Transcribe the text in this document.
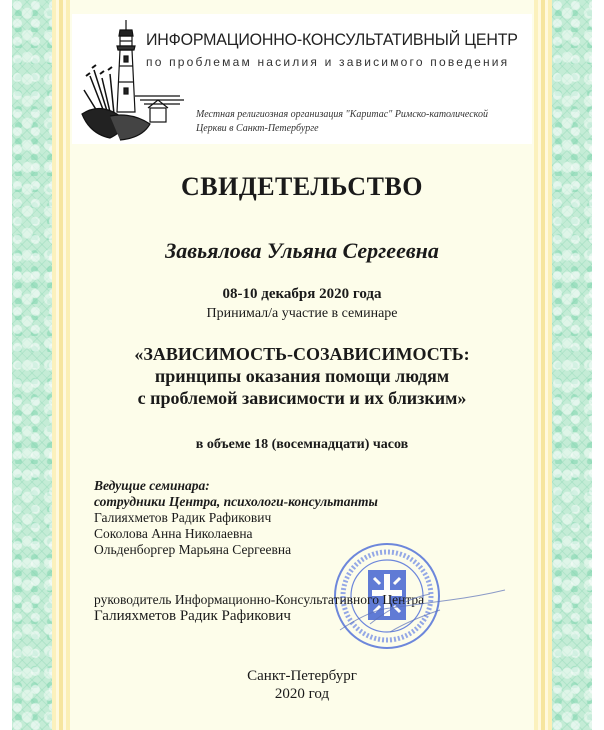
ИНФОРМАЦИОННО-КОНСУЛЬТАТИВНЫЙ ЦЕНТР
по проблемам насилия и зависимого поведения
Местная религиозная организация "Каритас" Римско-католической
Церкви в Санкт-Петербурге
СВИДЕТЕЛЬСТВО
Завьялова Ульяна Сергеевна
08-10 декабря 2020 года
Принимал/а участие в семинаре
«ЗАВИСИМОСТЬ-СОЗАВИСИМОСТЬ:
принципы оказания помощи людям
с проблемой зависимости и их близким»
в объеме 18 (восемнадцати) часов
Ведущие семинара:
сотрудники Центра, психологи-консультанты
Галияхметов Радик Рафикович
Соколова Анна Николаевна
Ольденборгер Марьяна Сергеевна
руководитель Информационно-Консультативного Центра
Галияхметов Радик Рафикович
Санкт-Петербург
2020 год
